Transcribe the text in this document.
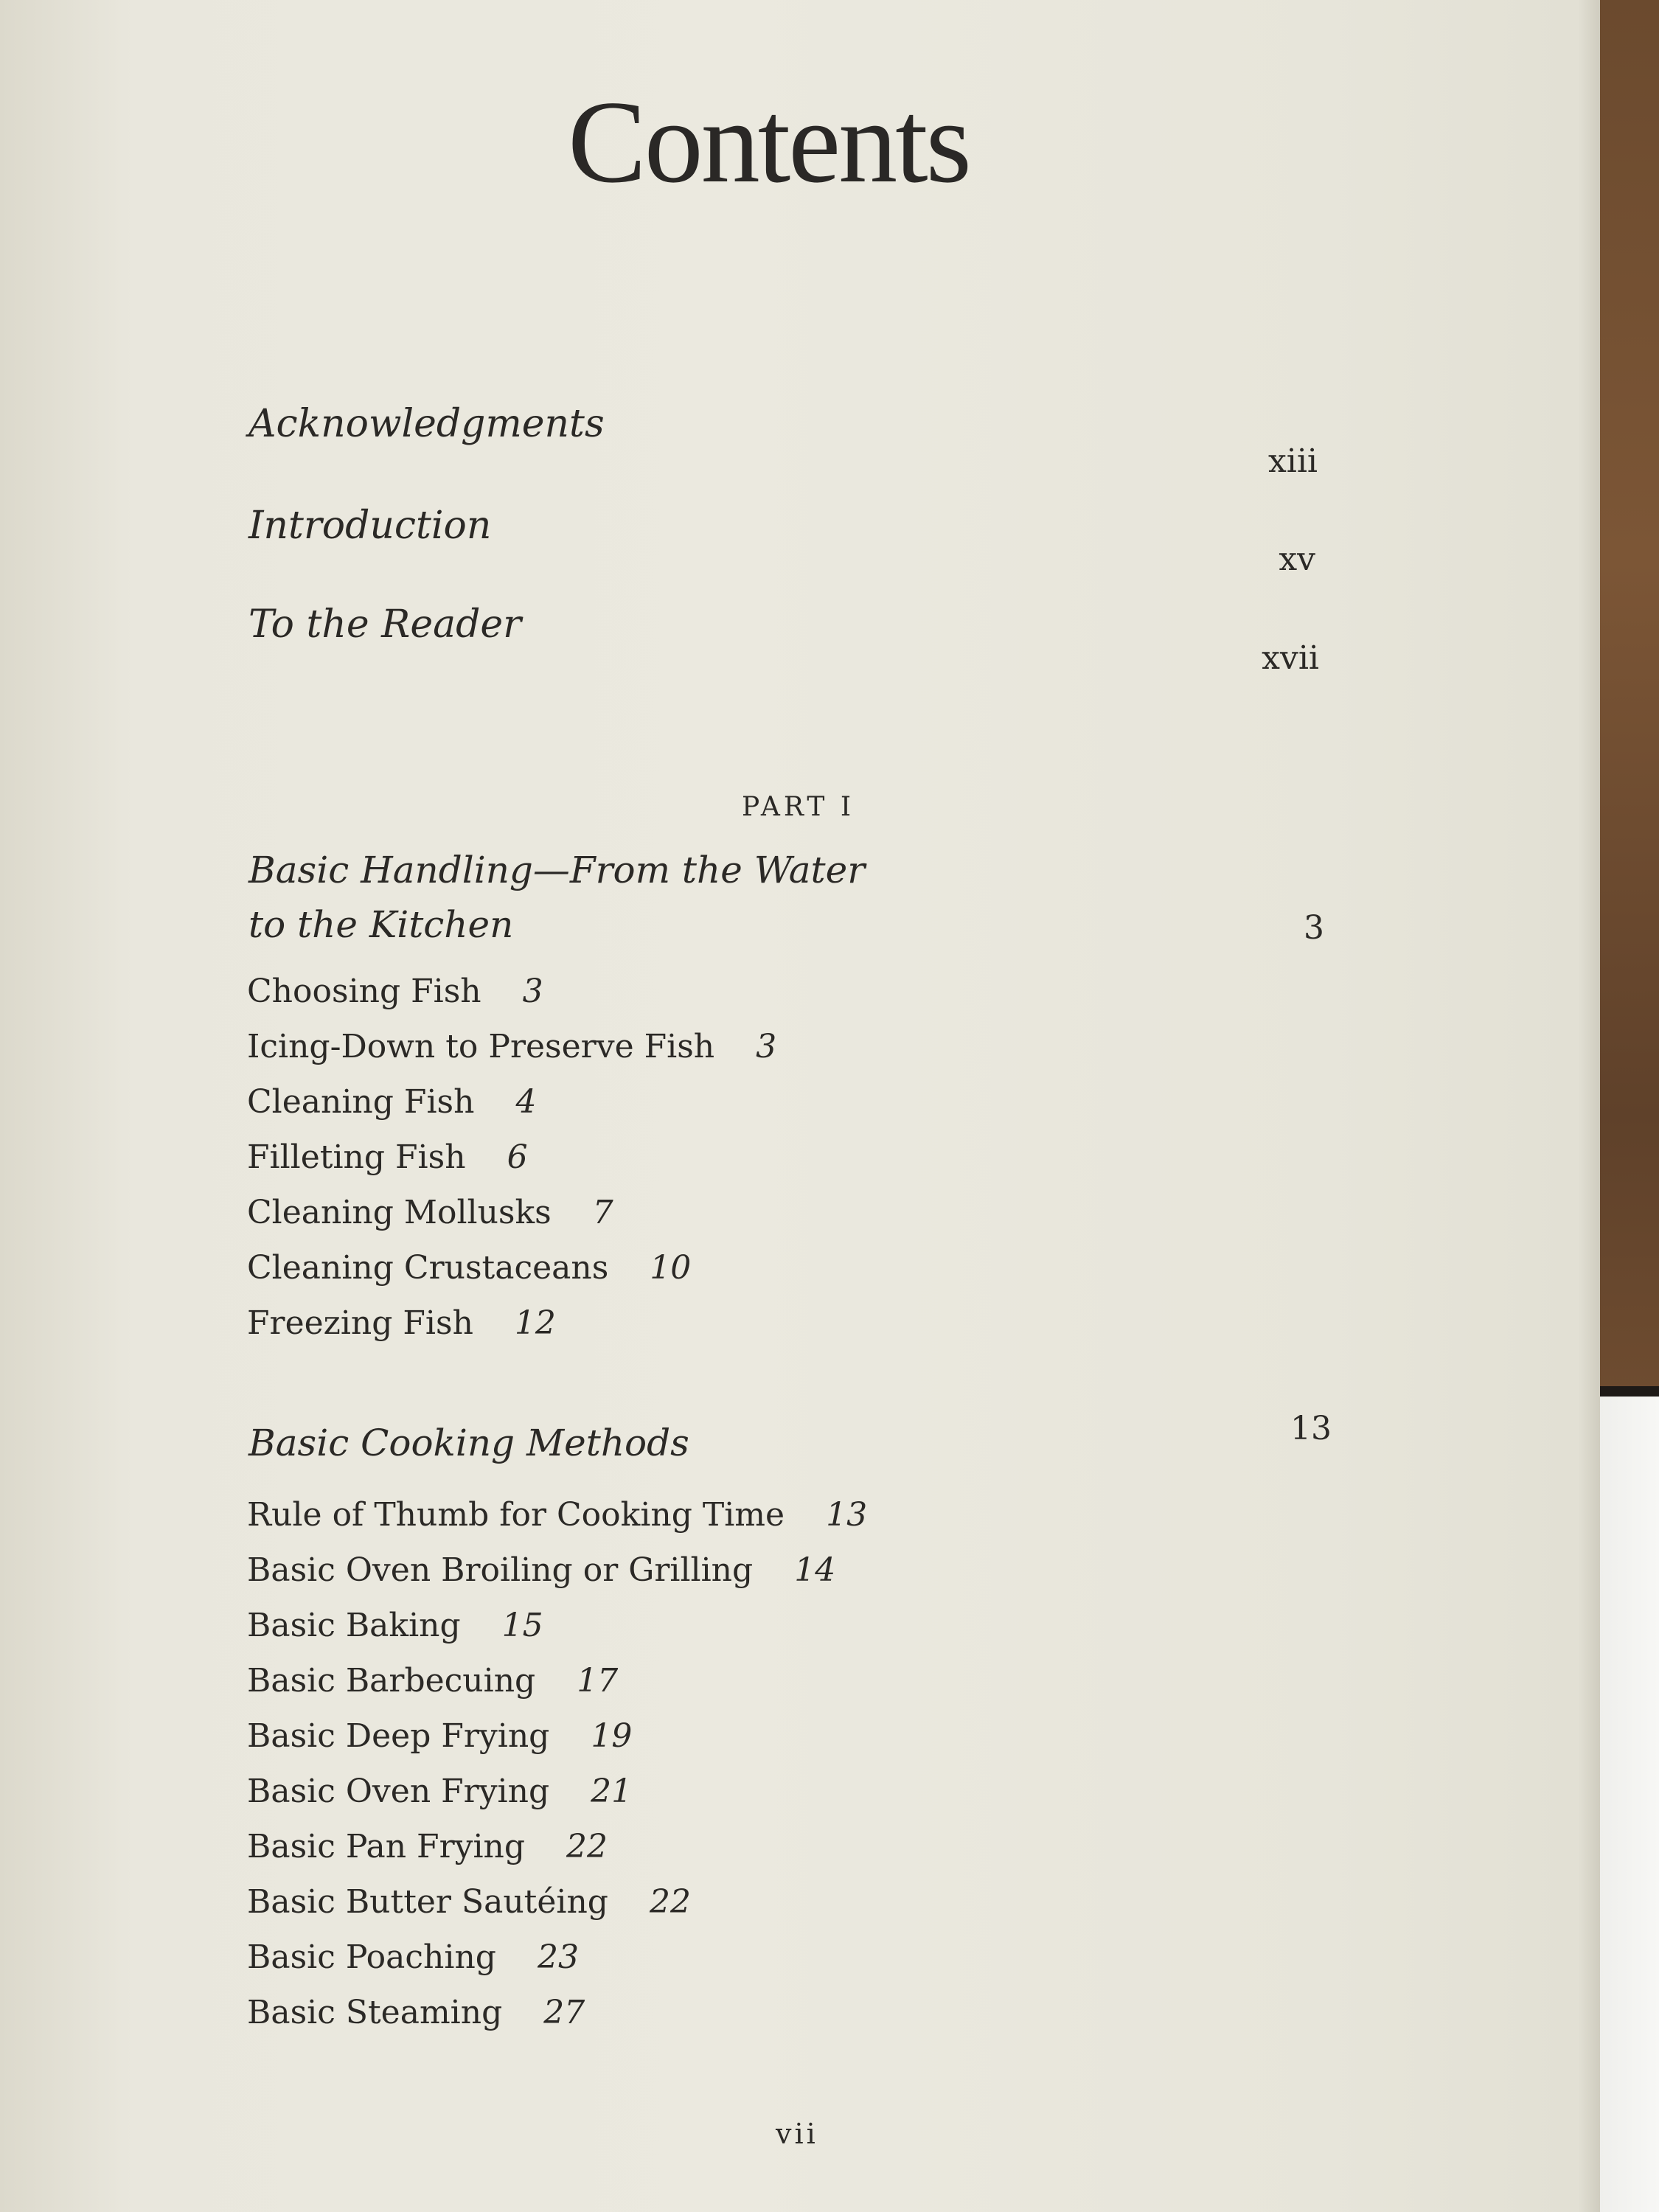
Contents
Acknowledgments
xiii
Introduction
xv
To the Reader
xvii
PART I
Basic Handling—From the Water
to the Kitchen	3
Choosing Fish 3
Icing-Down to Preserve Fish 3
Cleaning Fish 4
Filleting Fish 6
Cleaning Mollusks 7
Cleaning Crustaceans 10
Freezing Fish 12
Basic Cooking Methods	13
Rule of Thumb for Cooking Time 13
Basic Oven Broiling or Grilling 14
Basic Baking 15
Basic Barbecuing 17
Basic Deep Frying 19
Basic Oven Frying 21
Basic Pan Frying 22
Basic Butter Sautéing 22
Basic Poaching 23
Basic Steaming 27
vii
